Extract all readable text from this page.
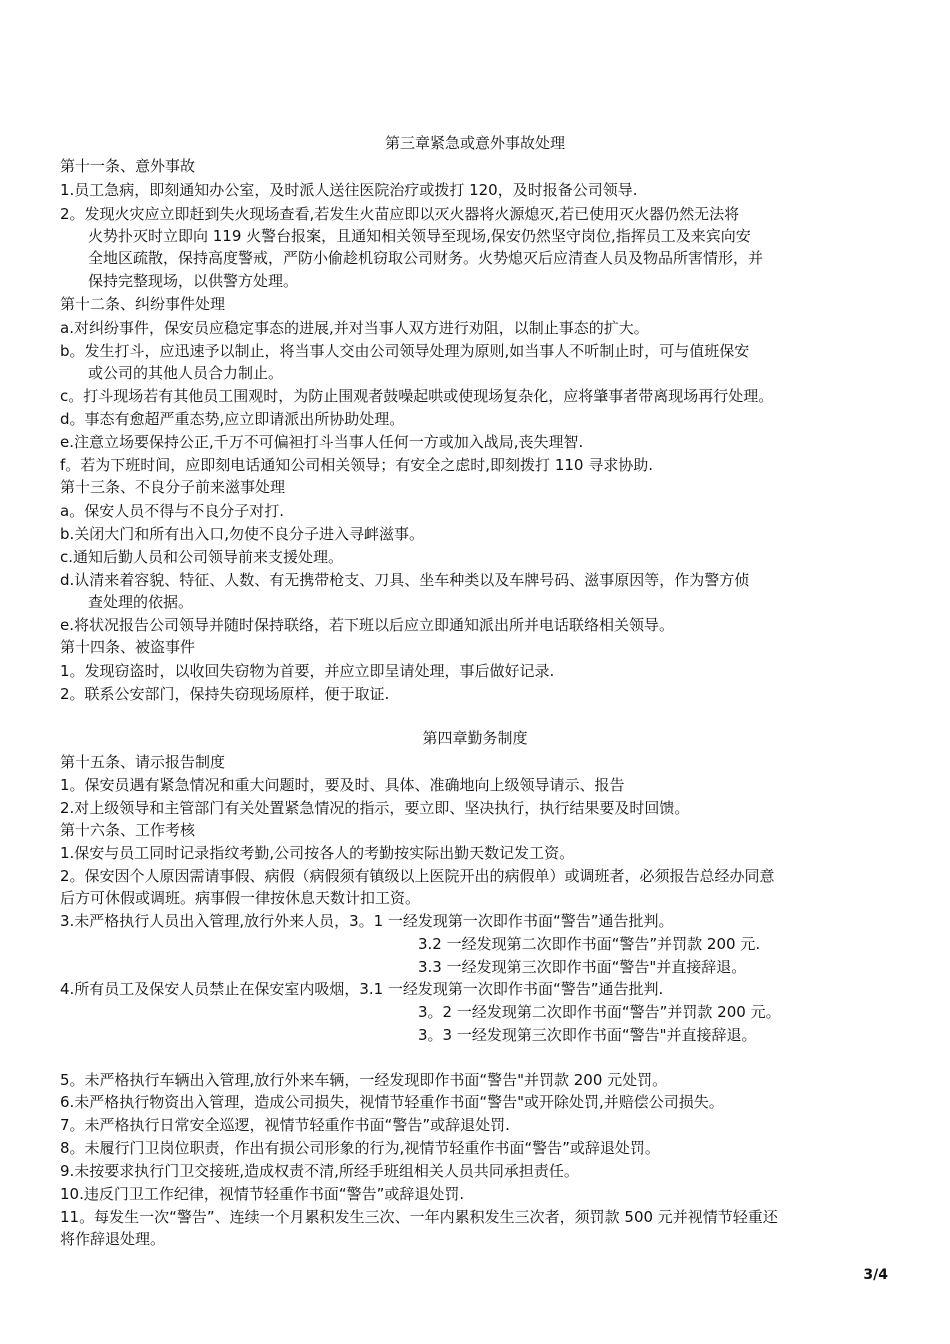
第三章紧急或意外事故处理
第十一条、意外事故
1.员工急病，即刻通知办公室，及时派人送往医院治疗或拨打 120，及时报备公司领导.
2。发现火灾应立即赶到失火现场查看,若发生火苗应即以灭火器将火源熄灭,若已使用灭火器仍然无法将
火势扑灭时立即向 119 火警台报案，且通知相关领导至现场,保安仍然坚守岗位,指挥员工及来宾向安
全地区疏散，保持高度警戒，严防小偷趁机窃取公司财务。火势熄灭后应清查人员及物品所害情形，并
保持完整现场，以供警方处理。
第十二条、纠纷事件处理
a.对纠纷事件，保安员应稳定事态的进展,并对当事人双方进行劝阻，以制止事态的扩大。
b。发生打斗，应迅速予以制止，将当事人交由公司领导处理为原则,如当事人不听制止时，可与值班保安
或公司的其他人员合力制止。
c。打斗现场若有其他员工围观时，为防止围观者鼓噪起哄或使现场复杂化，应将肇事者带离现场再行处理。
d。事态有愈超严重态势,应立即请派出所协助处理。
e.注意立场要保持公正,千万不可偏袒打斗当事人任何一方或加入战局,丧失理智.
f。若为下班时间，应即刻电话通知公司相关领导；有安全之虑时,即刻拨打 110 寻求协助.
第十三条、不良分子前来滋事处理
a。保安人员不得与不良分子对打.
b.关闭大门和所有出入口,勿使不良分子进入寻衅滋事。
c.通知后勤人员和公司领导前来支援处理。
d.认清来着容貌、特征、人数、有无携带枪支、刀具、坐车种类以及车牌号码、滋事原因等，作为警方侦
查处理的依据。
e.将状况报告公司领导并随时保持联络，若下班以后应立即通知派出所并电话联络相关领导。
第十四条、被盗事件
1。发现窃盗时，以收回失窃物为首要，并应立即呈请处理，事后做好记录.
2。联系公安部门，保持失窃现场原样，便于取证.
第四章勤务制度
第十五条、请示报告制度
1。保安员遇有紧急情况和重大问题时，要及时、具体、准确地向上级领导请示、报告
2.对上级领导和主管部门有关处置紧急情况的指示，要立即、坚决执行，执行结果要及时回馈。
第十六条、工作考核
1.保安与员工同时记录指纹考勤,公司按各人的考勤按实际出勤天数记发工资。
2。保安因个人原因需请事假、病假（病假须有镇级以上医院开出的病假单）或调班者，必须报告总经办同意
后方可休假或调班。病事假一律按休息天数计扣工资。
3.未严格执行人员出入管理,放行外来人员，3。1 一经发现第一次即作书面“警告”通告批判。
3.2 一经发现第二次即作书面“警告”并罚款 200 元.
3.3 一经发现第三次即作书面“警告"并直接辞退。
4.所有员工及保安人员禁止在保安室内吸烟，3.1 一经发现第一次即作书面“警告”通告批判.
3。2 一经发现第二次即作书面“警告”并罚款 200 元。
3。3 一经发现第三次即作书面“警告"并直接辞退。
5。未严格执行车辆出入管理,放行外来车辆，一经发现即作书面“警告"并罚款 200 元处罚。
6.未严格执行物资出入管理，造成公司损失，视情节轻重作书面“警告"或开除处罚,并赔偿公司损失。
7。未严格执行日常安全巡逻，视情节轻重作书面“警告”或辞退处罚.
8。未履行门卫岗位职责，作出有损公司形象的行为,视情节轻重作书面“警告”或辞退处罚。
9.未按要求执行门卫交接班,造成权责不清,所经手班组相关人员共同承担责任。
10.违反门卫工作纪律，视情节轻重作书面“警告”或辞退处罚.
11。每发生一次“警告”、连续一个月累积发生三次、一年内累积发生三次者，须罚款 500 元并视情节轻重还
将作辞退处理。
3/4
